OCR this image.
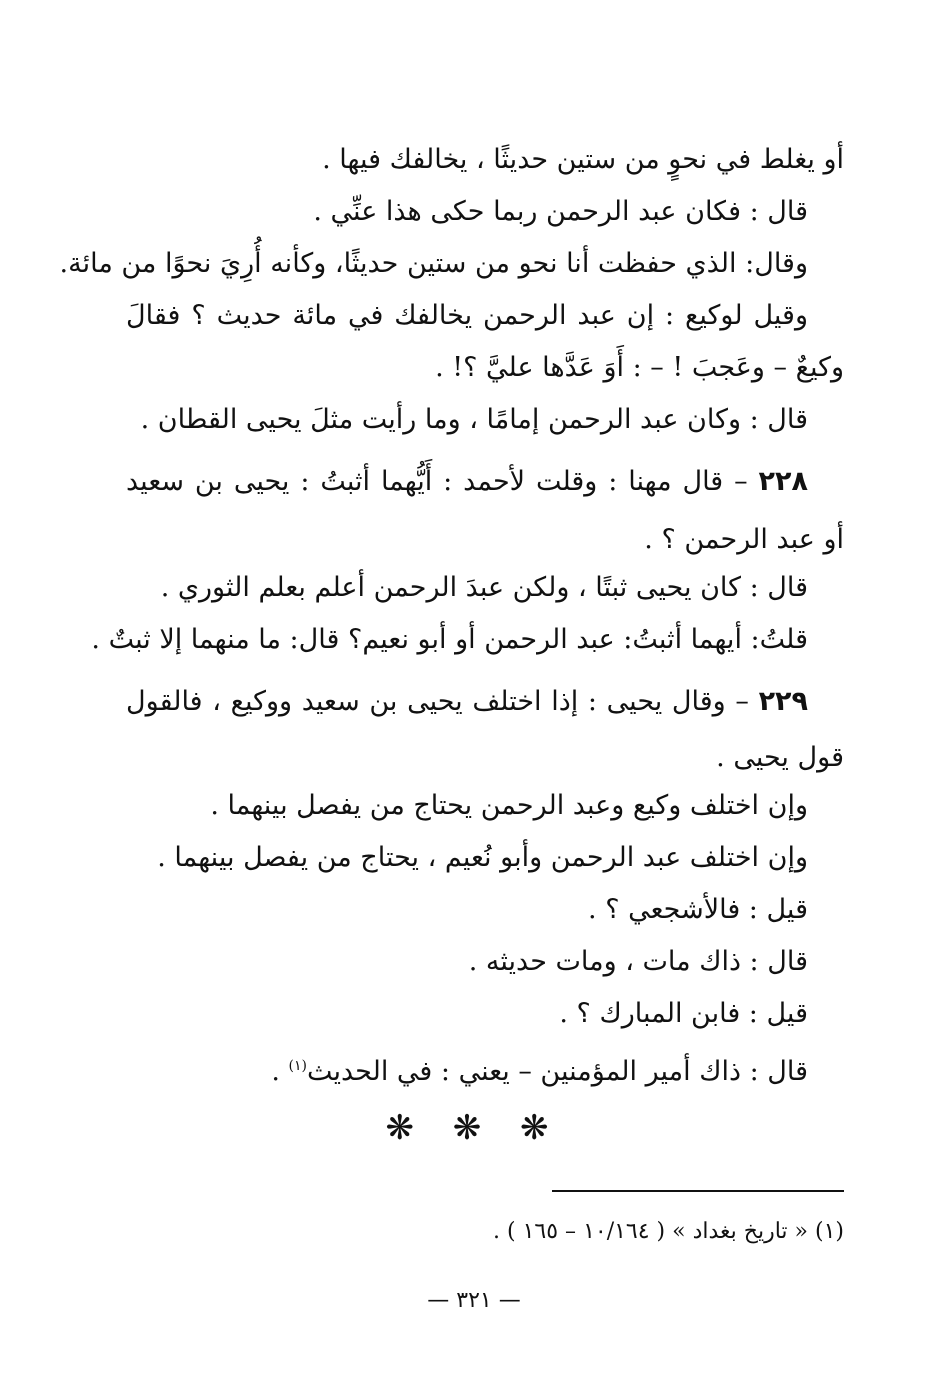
أو يغلط في نحوٍ من ستين حديثًا ، يخالفك فيها .
قال : فكان عبد الرحمن ربما حكى هذا عنِّي .
وقال: الذي حفظت أنا نحو من ستين حديثًا، وكأنه أُرِيَ نحوًا من مائة.
وقيل لوكيع : إن عبد الرحمن يخالفك في مائة حديث ؟ فقالَ
وكيعٌ – وعَجبَ ! – : أَوَ عَدَّها عليَّ ؟! .
قال : وكان عبد الرحمن إمامًا ، وما رأيت مثلَ يحيى القطان .
٢٢٨ – قال مهنا : وقلت لأحمد : أَيُّهما أثبتُ : يحيى بن سعيد
أو عبد الرحمن ؟ .
قال : كان يحيى ثبتًا ، ولكن عبدَ الرحمن أعلم بعلم الثوري .
قلتُ: أيهما أثبتُ: عبد الرحمن أو أبو نعيم؟ قال: ما منهما إلا ثبتٌ .
٢٢٩ – وقال يحيى : إذا اختلف يحيى بن سعيد ووكيع ، فالقول
قول يحيى .
وإن اختلف وكيع وعبد الرحمن يحتاج من يفصل بينهما .
وإن اختلف عبد الرحمن وأبو نُعيم ، يحتاج من يفصل بينهما .
قيل : فالأشجعي ؟ .
قال : ذاك مات ، ومات حديثه .
قيل : فابن المبارك ؟ .
قال : ذاك أمير المؤمنين – يعني : في الحديث$^{(١)}$ .
❋ ❋ ❋
(١) « تاريخ بغداد » ( ١٠/١٦٤ – ١٦٥ ) .
— ٣٢١ —
